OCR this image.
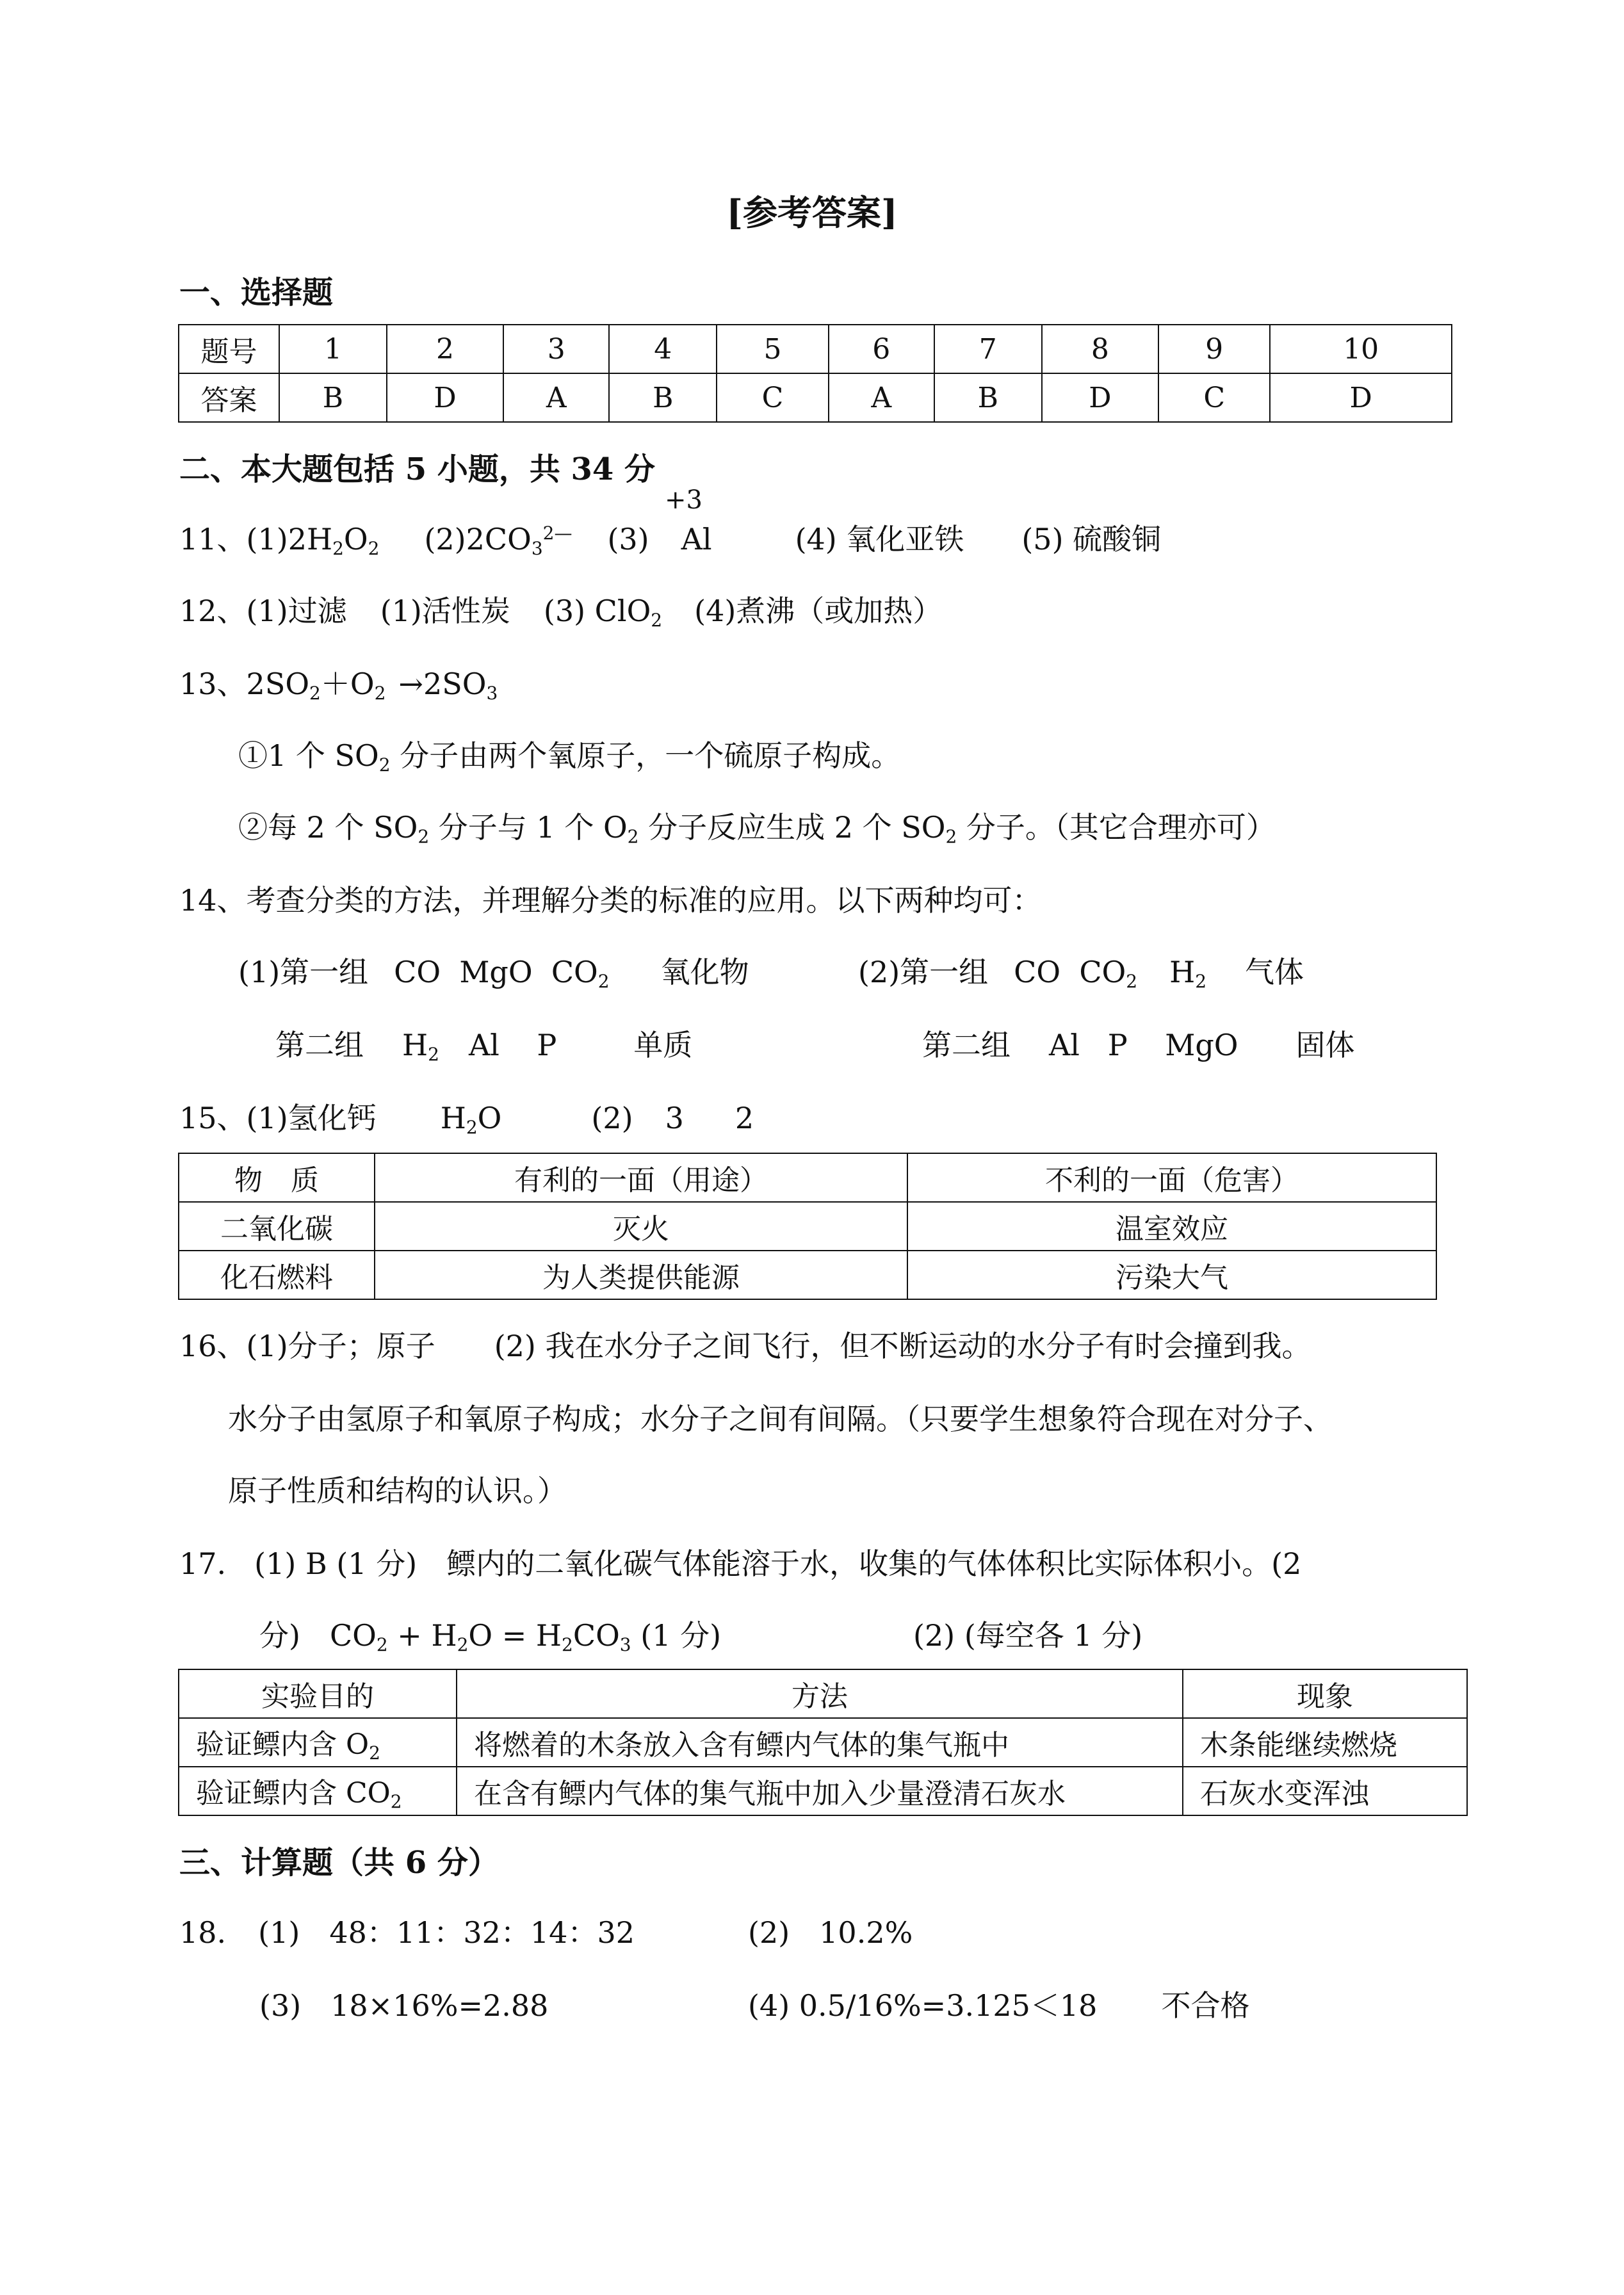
[参考答案]
一、选择题
题号	1	2	3	4	5	6	7	8	9	10
答案	B	D	A	B	C	A	B	D	C	D
二、本大题包括 5 小题，共 34 分
11、$(1)2H_2O_2$ $(2)2CO_3^{2—}$ (3) Al	(4) 氧化亚铁 (5) 硫酸铜
+3
12、(1)过滤 (1)活性炭 (3) ClO$_2$ (4)煮沸（或加热）
13、$2SO_2+O_2 \to 2SO_3$
①1 个 $SO_2$ 分子由两个氧原子，一个硫原子构成。
②每 2 个 $SO_2$ 分子与 1 个 $O_2$ 分子反应生成 2 个 $SO_2$ 分子。（其它合理亦可）
14、考查分类的方法，并理解分类的标准的应用。以下两种均可：
(1)第一组 CO  MgO  $CO_2$ 氧化物	(2)第一组 CO  $CO_2$ $H_2$ 气体
第二组 $H_2$ Al    P	单质	第二组 Al   P    MgO 固体
15、(1)氢化钙 $H_2O$	(2) 3 2
物　质	有利的一面（用途）	不利的一面（危害）
二氧化碳	灭火	温室效应
化石燃料	为人类提供能源	污染大气
16、(1)分子；原子　　(2) 我在水分子之间飞行，但不断运动的水分子有时会撞到我。
水分子由氢原子和氧原子构成；水分子之间有间隔。（只要学生想象符合现在对分子、
原子性质和结构的认识。）
17. (1) B (1 分)　鳔内的二氧化碳气体能溶于水，收集的气体体积比实际体积小。(2
分)　$CO_2 + H_2O = H_2CO_3$ (1 分)	(2) (每空各 1 分)
实验目的	方法	现象
验证鳔内含 $O_2$	将燃着的木条放入含有鳔内气体的集气瓶中	木条能继续燃烧
验证鳔内含 $CO_2$	在含有鳔内气体的集气瓶中加入少量澄清石灰水	石灰水变浑浊
三、计算题（共 6 分）
18. (1)　48：11：32：14：32	(2)　10.2%
(3)　18×16%=2.88	(4) 0.5/16%=3.125＜18 不合格
